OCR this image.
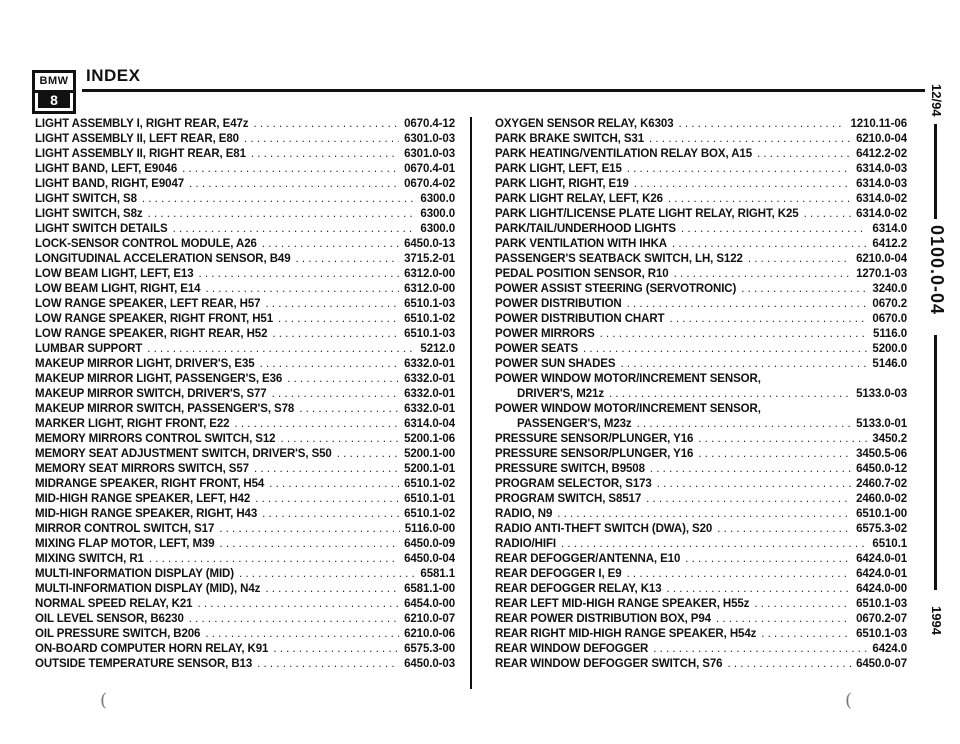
BMW
8
INDEX
LIGHT ASSEMBLY I, RIGHT REAR, E47z . . .	0670.4-12
LIGHT ASSEMBLY II, LEFT REAR, E80 . . .	6301.0-03
LIGHT ASSEMBLY II, RIGHT REAR, E81 . . .	6301.0-03
LIGHT BAND, LEFT, E9046 . . .	0670.4-01
LIGHT BAND, RIGHT, E9047 . . .	0670.4-02
LIGHT SWITCH, S8 . . .	6300.0
LIGHT SWITCH, S8z . . .	6300.0
LIGHT SWITCH DETAILS . . .	6300.0
LOCK-SENSOR CONTROL MODULE, A26 . . .	6450.0-13
LONGITUDINAL ACCELERATION SENSOR, B49 . . .	3715.2-01
LOW BEAM LIGHT, LEFT, E13 . . .	6312.0-00
LOW BEAM LIGHT, RIGHT, E14 . . .	6312.0-00
LOW RANGE SPEAKER, LEFT REAR, H57 . . .	6510.1-03
LOW RANGE SPEAKER, RIGHT FRONT, H51 . . .	6510.1-02
LOW RANGE SPEAKER, RIGHT REAR, H52 . . .	6510.1-03
LUMBAR SUPPORT . . .	5212.0
MAKEUP MIRROR LIGHT, DRIVER'S, E35 . . .	6332.0-01
MAKEUP MIRROR LIGHT, PASSENGER'S, E36 . . .	6332.0-01
MAKEUP MIRROR SWITCH, DRIVER'S, S77 . . .	6332.0-01
MAKEUP MIRROR SWITCH, PASSENGER'S, S78 . . .	6332.0-01
MARKER LIGHT, RIGHT FRONT, E22 . . .	6314.0-04
MEMORY MIRRORS CONTROL SWITCH, S12 . . .	5200.1-06
MEMORY SEAT ADJUSTMENT SWITCH, DRIVER'S, S50 . . .	5200.1-00
MEMORY SEAT MIRRORS SWITCH, S57 . . .	5200.1-01
MIDRANGE SPEAKER, RIGHT FRONT, H54 . . .	6510.1-02
MID-HIGH RANGE SPEAKER, LEFT, H42 . . .	6510.1-01
MID-HIGH RANGE SPEAKER, RIGHT, H43 . . .	6510.1-02
MIRROR CONTROL SWITCH, S17 . . .	5116.0-00
MIXING FLAP MOTOR, LEFT, M39 . . .	6450.0-09
MIXING SWITCH, R1 . . .	6450.0-04
MULTI-INFORMATION DISPLAY (MID) . . .	6581.1
MULTI-INFORMATION DISPLAY (MID), N4z . . .	6581.1-00
NORMAL SPEED RELAY, K21 . . .	6454.0-00
OIL LEVEL SENSOR, B6230 . . .	6210.0-07
OIL PRESSURE SWITCH, B206 . . .	6210.0-06
ON-BOARD COMPUTER HORN RELAY, K91 . . .	6575.3-00
OUTSIDE TEMPERATURE SENSOR, B13 . . .	6450.0-03
OXYGEN SENSOR RELAY, K6303 . . .	1210.11-06
PARK BRAKE SWITCH, S31 . . .	6210.0-04
PARK HEATING/VENTILATION RELAY BOX, A15 . . .	6412.2-02
PARK LIGHT, LEFT, E15 . . .	6314.0-03
PARK LIGHT, RIGHT, E19 . . .	6314.0-03
PARK LIGHT RELAY, LEFT, K26 . . .	6314.0-02
PARK LIGHT/LICENSE PLATE LIGHT RELAY, RIGHT, K25 . . .	6314.0-02
PARK/TAIL/UNDERHOOD LIGHTS . . .	6314.0
PARK VENTILATION WITH IHKA . . .	6412.2
PASSENGER'S SEATBACK SWITCH, LH, S122 . . .	6210.0-04
PEDAL POSITION SENSOR, R10 . . .	1270.1-03
POWER ASSIST STEERING (SERVOTRONIC) . . .	3240.0
POWER DISTRIBUTION . . .	0670.2
POWER DISTRIBUTION CHART . . .	0670.0
POWER MIRRORS . . .	5116.0
POWER SEATS . . .	5200.0
POWER SUN SHADES . . .	5146.0
POWER WINDOW MOTOR/INCREMENT SENSOR,
DRIVER'S, M21z . . .	5133.0-03
POWER WINDOW MOTOR/INCREMENT SENSOR,
PASSENGER'S, M23z . . .	5133.0-01
PRESSURE SENSOR/PLUNGER, Y16 . . .	3450.2
PRESSURE SENSOR/PLUNGER, Y16 . . .	3450.5-06
PRESSURE SWITCH, B9508 . . .	6450.0-12
PROGRAM SELECTOR, S173 . . .	2460.7-02
PROGRAM SWITCH, S8517 . . .	2460.0-02
RADIO, N9 . . .	6510.1-00
RADIO ANTI-THEFT SWITCH (DWA), S20 . . .	6575.3-02
RADIO/HIFI . . .	6510.1
REAR DEFOGGER/ANTENNA, E10 . . .	6424.0-01
REAR DEFOGGER I, E9 . . .	6424.0-01
REAR DEFOGGER RELAY, K13 . . .	6424.0-00
REAR LEFT MID-HIGH RANGE SPEAKER, H55z . . .	6510.1-03
REAR POWER DISTRIBUTION BOX, P94 . . .	0670.2-07
REAR RIGHT MID-HIGH RANGE SPEAKER, H54z . . .	6510.1-03
REAR WINDOW DEFOGGER . . .	6424.0
REAR WINDOW DEFOGGER SWITCH, S76 . . .	6450.0-07
12/94
0100.0-04
1994
(	(
